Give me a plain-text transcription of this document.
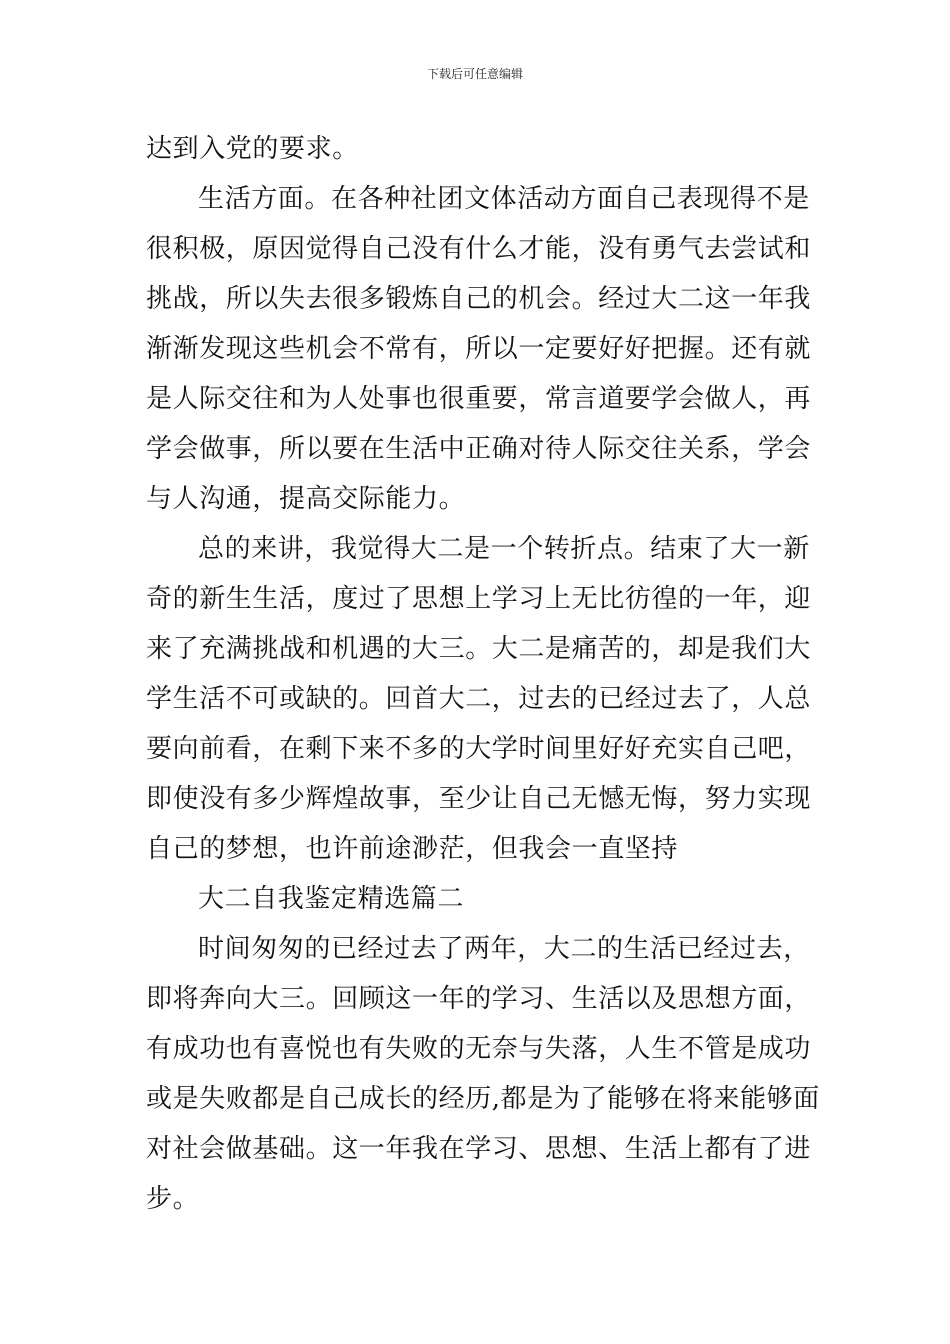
下载后可任意编辑

达到入党的要求。

生活方面。在各种社团文体活动方面自己表现得不是
很积极，原因觉得自己没有什么才能，没有勇气去尝试和
挑战，所以失去很多锻炼自己的机会。经过大二这一年我
渐渐发现这些机会不常有，所以一定要好好把握。还有就
是人际交往和为人处事也很重要，常言道要学会做人，再
学会做事，所以要在生活中正确对待人际交往关系，学会
与人沟通，提高交际能力。

总的来讲，我觉得大二是一个转折点。结束了大一新
奇的新生生活，度过了思想上学习上无比彷徨的一年，迎
来了充满挑战和机遇的大三。大二是痛苦的，却是我们大
学生活不可或缺的。回首大二，过去的已经过去了，人总
要向前看，在剩下来不多的大学时间里好好充实自己吧，
即使没有多少辉煌故事，至少让自己无憾无悔，努力实现
自己的梦想，也许前途渺茫，但我会一直坚持

大二自我鉴定精选篇二

时间匆匆的已经过去了两年，大二的生活已经过去，
即将奔向大三。回顾这一年的学习、生活以及思想方面，
有成功也有喜悦也有失败的无奈与失落，人生不管是成功
或是失败都是自己成长的经历,都是为了能够在将来能够面
对社会做基础。这一年我在学习、思想、生活上都有了进
步。
